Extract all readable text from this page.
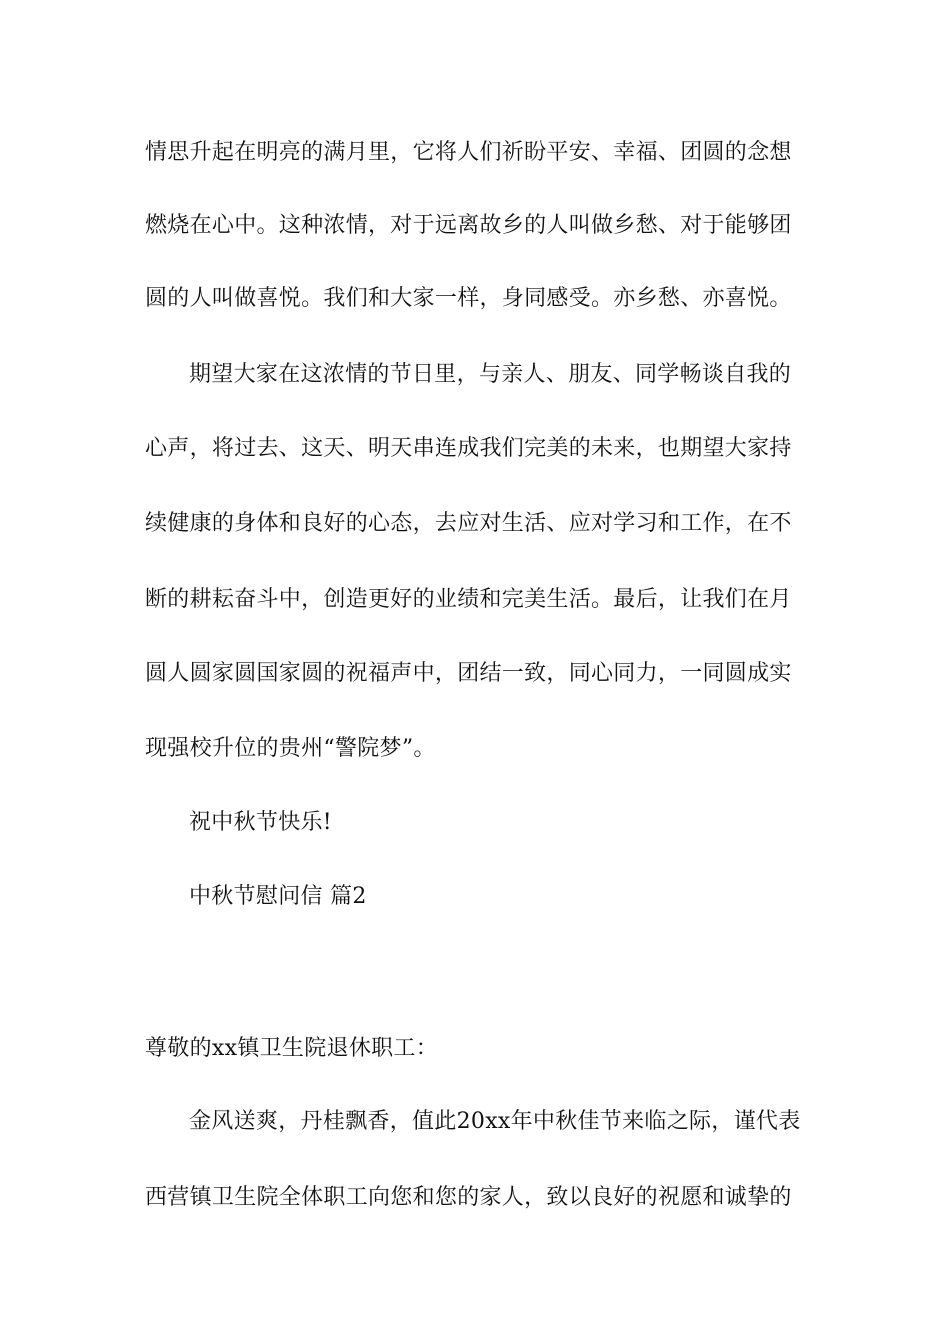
情思升起在明亮的满月里，它将人们祈盼平安、幸福、团圆的念想
燃烧在心中。这种浓情，对于远离故乡的人叫做乡愁、对于能够团
圆的人叫做喜悦。我们和大家一样，身同感受。亦乡愁、亦喜悦。
期望大家在这浓情的节日里，与亲人、朋友、同学畅谈自我的
心声，将过去、这天、明天串连成我们完美的未来，也期望大家持
续健康的身体和良好的心态，去应对生活、应对学习和工作，在不
断的耕耘奋斗中，创造更好的业绩和完美生活。最后，让我们在月
圆人圆家圆国家圆的祝福声中，团结一致，同心同力，一同圆成实
现强校升位的贵州“警院梦”。
祝中秋节快乐!
中秋节慰问信 篇2
尊敬的xx镇卫生院退休职工：
金风送爽，丹桂飘香，值此20xx年中秋佳节来临之际，谨代表
西营镇卫生院全体职工向您和您的家人，致以良好的祝愿和诚挚的
